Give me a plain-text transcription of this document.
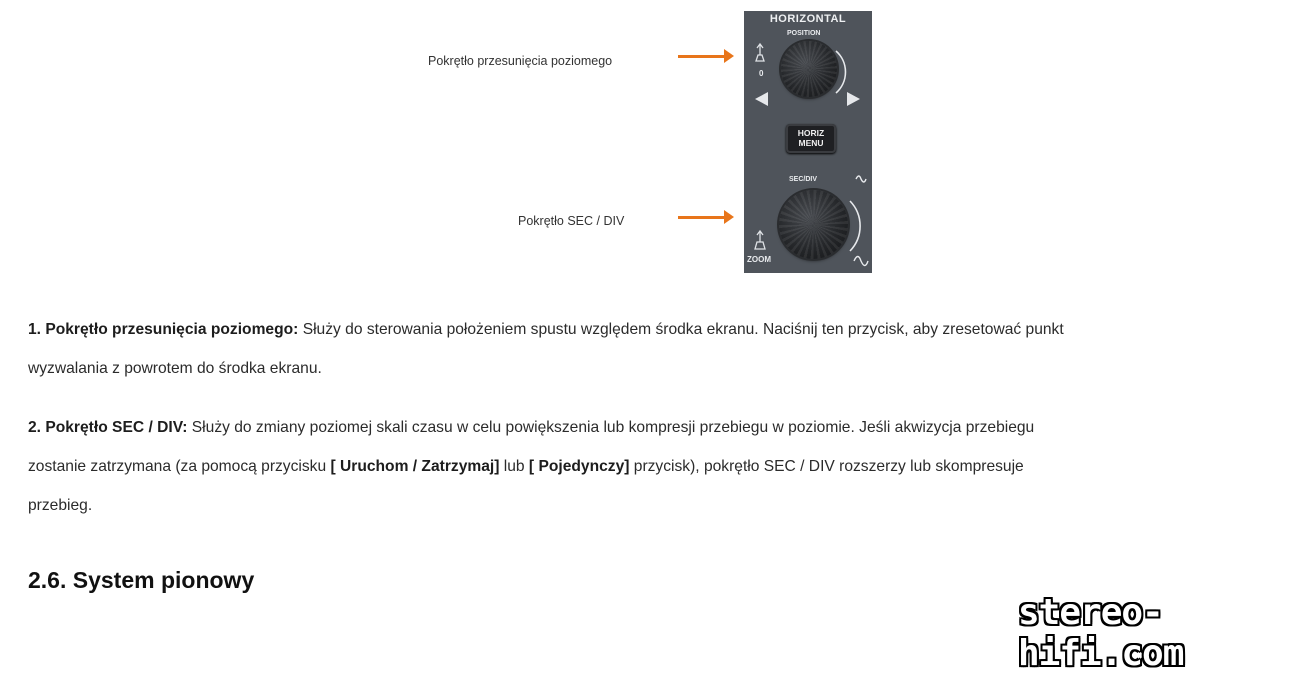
Pokrętło przesunięcia poziomego
Pokrętło SEC / DIV
HORIZONTAL
POSITION
0
SEC/DIV
ZOOM
HORIZ
MENU
1. Pokrętło przesunięcia poziomego: Służy do sterowania położeniem spustu względem środka ekranu. Naciśnij ten przycisk, aby zresetować punkt
wyzwalania z powrotem do środka ekranu.
2. Pokrętło SEC / DIV: Służy do zmiany poziomej skali czasu w celu powiększenia lub kompresji przebiegu w poziomie. Jeśli akwizycja przebiegu
zostanie zatrzymana (za pomocą przycisku [ Uruchom / Zatrzymaj] lub [ Pojedynczy] przycisk), pokrętło SEC / DIV rozszerzy lub skompresuje
przebieg.
2.6. System pionowy
stereo-hifi.com
